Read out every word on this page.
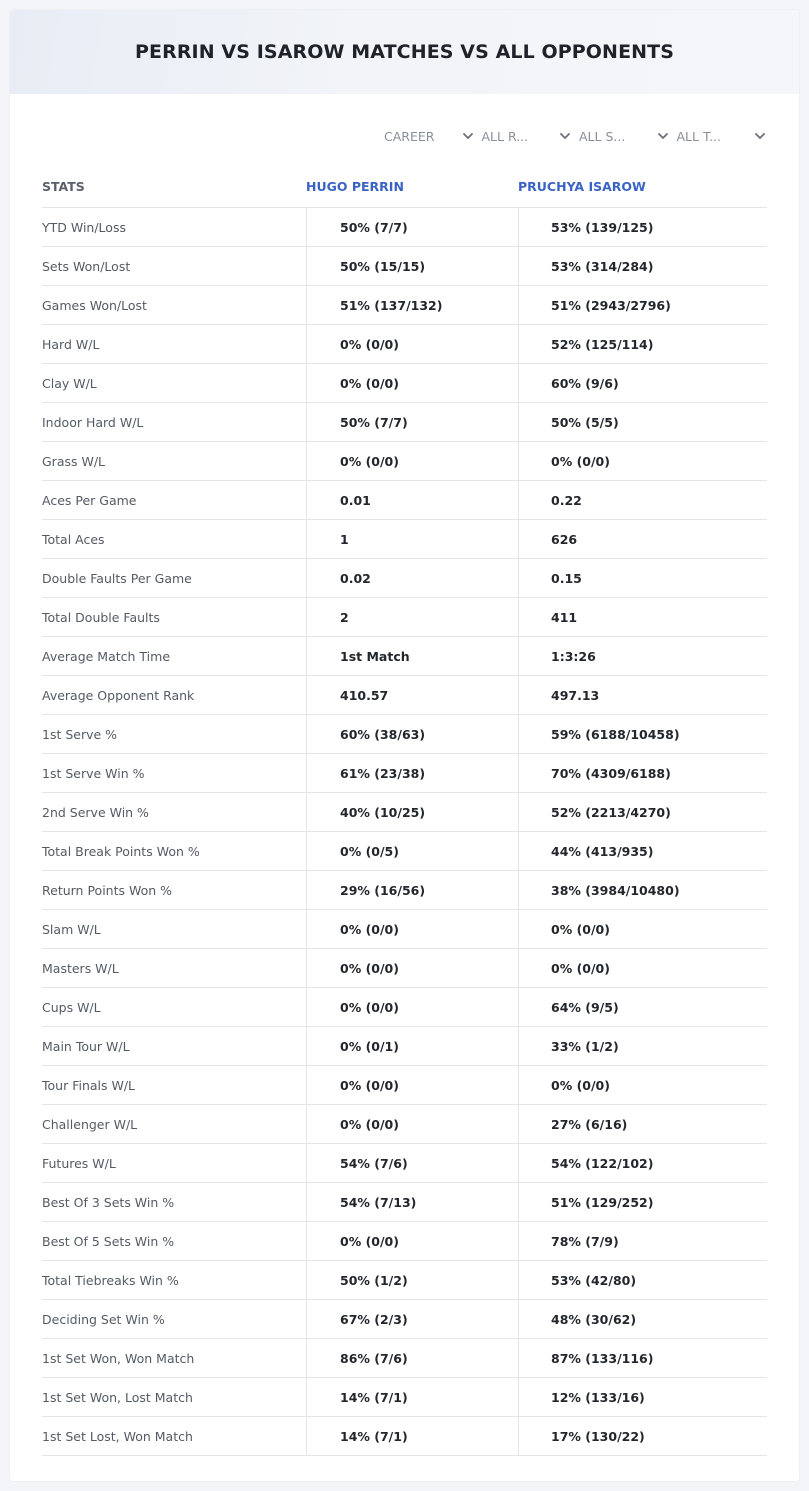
PERRIN VS ISAROW MATCHES VS ALL OPPONENTS
CAREER	ALL R...	ALL S...	ALL T...
STATS	HUGO PERRIN	PRUCHYA ISAROW
YTD Win/Loss	50% (7/7)	53% (139/125)
Sets Won/Lost	50% (15/15)	53% (314/284)
Games Won/Lost	51% (137/132)	51% (2943/2796)
Hard W/L	0% (0/0)	52% (125/114)
Clay W/L	0% (0/0)	60% (9/6)
Indoor Hard W/L	50% (7/7)	50% (5/5)
Grass W/L	0% (0/0)	0% (0/0)
Aces Per Game	0.01	0.22
Total Aces	1	626
Double Faults Per Game	0.02	0.15
Total Double Faults	2	411
Average Match Time	1st Match	1:3:26
Average Opponent Rank	410.57	497.13
1st Serve %	60% (38/63)	59% (6188/10458)
1st Serve Win %	61% (23/38)	70% (4309/6188)
2nd Serve Win %	40% (10/25)	52% (2213/4270)
Total Break Points Won %	0% (0/5)	44% (413/935)
Return Points Won %	29% (16/56)	38% (3984/10480)
Slam W/L	0% (0/0)	0% (0/0)
Masters W/L	0% (0/0)	0% (0/0)
Cups W/L	0% (0/0)	64% (9/5)
Main Tour W/L	0% (0/1)	33% (1/2)
Tour Finals W/L	0% (0/0)	0% (0/0)
Challenger W/L	0% (0/0)	27% (6/16)
Futures W/L	54% (7/6)	54% (122/102)
Best Of 3 Sets Win %	54% (7/13)	51% (129/252)
Best Of 5 Sets Win %	0% (0/0)	78% (7/9)
Total Tiebreaks Win %	50% (1/2)	53% (42/80)
Deciding Set Win %	67% (2/3)	48% (30/62)
1st Set Won, Won Match	86% (7/6)	87% (133/116)
1st Set Won, Lost Match	14% (7/1)	12% (133/16)
1st Set Lost, Won Match	14% (7/1)	17% (130/22)
